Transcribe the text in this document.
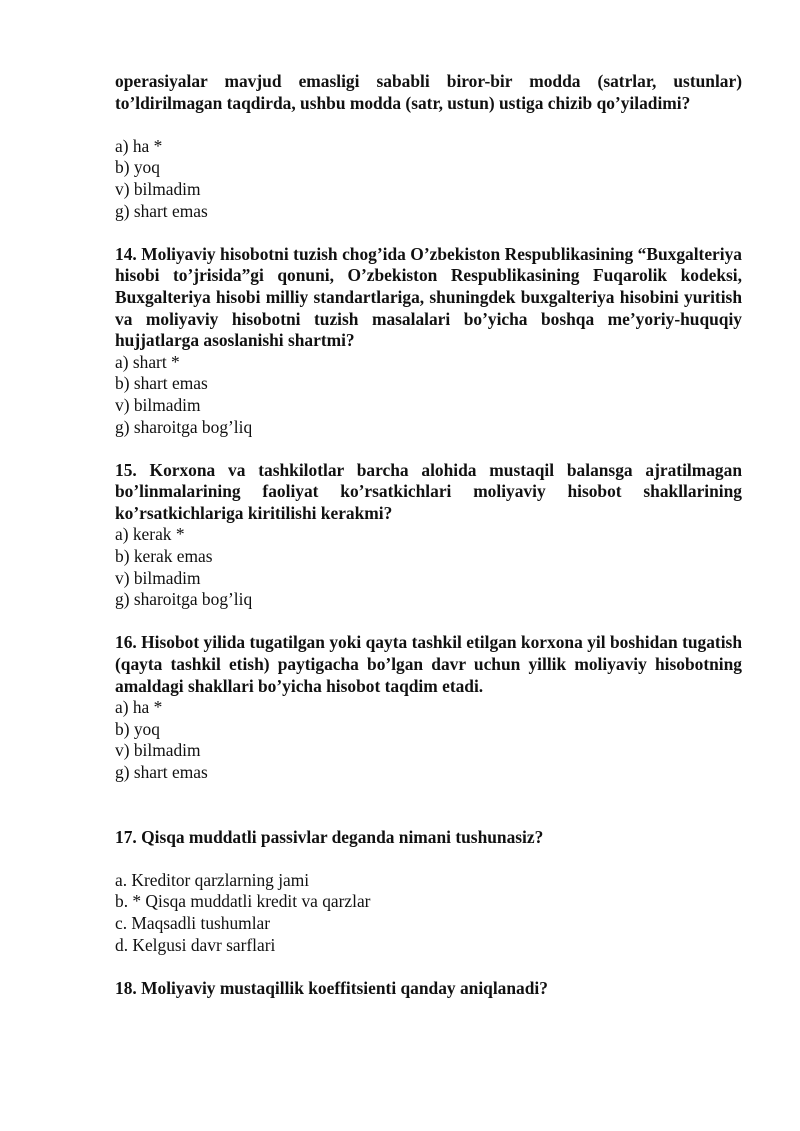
operasiyalar mavjud emasligi sababli biror-bir modda (satrlar, ustunlar) to’ldirilmagan taqdirda, ushbu modda (satr, ustun) ustiga chizib qo’yiladimi?

a) ha *

b) yoq

v) bilmadim

g) shart emas

14. Moliyaviy hisobotni tuzish chog’ida O’zbekiston Respublikasining “Buxgalteriya hisobi to’jrisida”gi qonuni, O’zbekiston Respublikasining Fuqarolik kodeksi, Buxgalteriya hisobi milliy standartlariga, shuningdek buxgalteriya hisobini yuritish va moliyaviy hisobotni tuzish masalalari bo’yicha boshqa me’yoriy-huquqiy hujjatlarga asoslanishi shartmi?

a) shart *

b) shart emas

v) bilmadim

g) sharoitga bog’liq

15. Korxona va tashkilotlar barcha alohida mustaqil balansga ajratilmagan bo’linmalarining faoliyat ko’rsatkichlari moliyaviy hisobot shakllarining ko’rsatkichlariga kiritilishi kerakmi?

a) kerak *

b) kerak emas

v) bilmadim

g) sharoitga bog’liq

16. Hisobot yilida tugatilgan yoki qayta tashkil etilgan korxona yil boshidan tugatish (qayta tashkil etish) paytigacha bo’lgan davr uchun yillik moliyaviy hisobotning amaldagi shakllari bo’yicha hisobot taqdim etadi.

a) ha *

b) yoq

v) bilmadim

g) shart emas

17. Qisqa muddatli passivlar deganda nimani tushunasiz?

a. Kreditor qarzlarning jami

b. * Qisqa muddatli kredit va qarzlar

c. Maqsadli tushumlar

d. Kelgusi davr sarflari

18. Moliyaviy mustaqillik koeffitsienti qanday aniqlanadi?
